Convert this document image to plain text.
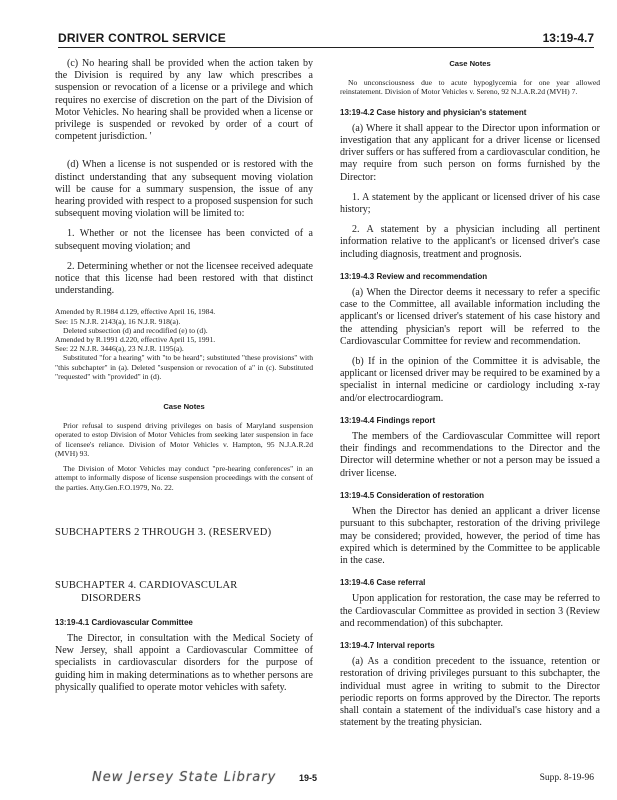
DRIVER CONTROL SERVICE	13:19-4.7

(c) No hearing shall be provided when the action taken by the Division is required by any law which prescribes a suspension or revocation of a license or a privilege and which requires no exercise of discretion on the part of the Division of Motor Vehicles. No hearing shall be provided when a license or privilege is suspended or revoked by order of a court of competent jurisdiction. '

(d) When a license is not suspended or is restored with the distinct understanding that any subsequent moving violation will be cause for a summary suspension, the issue of any hearing provided with respect to a proposed suspension for such subsequent moving violation will be limited to:

1. Whether or not the licensee has been convicted of a subsequent moving violation; and

2. Determining whether or not the licensee received adequate notice that this license had been restored with that distinct understanding.

Amended by R.1984 d.129, effective April 16, 1984.

See: 15 N.J.R. 2143(a), 16 N.J.R. 918(a).

Deleted subsection (d) and recodified (e) to (d).

Amended by R.1991 d.220, effective April 15, 1991.

See: 22 N.J.R. 3446(a), 23 N.J.R. 1195(a).

Substituted "for a hearing" with "to be heard"; substituted "these provisions" with "this subchapter" in (a). Deleted "suspension or revocation of a" in (c). Substituted "requested" with "provided" in (d).

Case Notes

Prior refusal to suspend driving privileges on basis of Maryland suspension operated to estop Division of Motor Vehicles from seeking later suspension in face of licensee's reliance. Division of Motor Vehicles v. Hampton, 95 N.J.A.R.2d (MVH) 93.

The Division of Motor Vehicles may conduct "pre-hearing conferences" in an attempt to informally dispose of license suspension proceedings with the consent of the parties. Atty.Gen.F.O.1979, No. 22.

SUBCHAPTERS 2 THROUGH 3. (RESERVED)
SUBCHAPTER 4. CARDIOVASCULAR
DISORDERS
13:19-4.1 Cardiovascular Committee

The Director, in consultation with the Medical Society of New Jersey, shall appoint a Cardiovascular Committee of specialists in cardiovascular disorders for the purpose of guiding him in making determinations as to whether persons are physically qualified to operate motor vehicles with safety.

Case Notes

No unconsciousness due to acute hypoglycemia for one year allowed reinstatement. Division of Motor Vehicles v. Sereno, 92 N.J.A.R.2d (MVH) 7.

13:19-4.2 Case history and physician's statement

(a) Where it shall appear to the Director upon information or investigation that any applicant for a driver license or licensed driver suffers or has suffered from a cardiovascular condition, he may require from such person on forms furnished by the Director:

1. A statement by the applicant or licensed driver of his case history;

2. A statement by a physician including all pertinent information relative to the applicant's or licensed driver's case including diagnosis, treatment and prognosis.

13:19-4.3 Review and recommendation

(a) When the Director deems it necessary to refer a specific case to the Committee, all available information including the applicant's or licensed driver's statement of his case history and the attending physician's report will be referred to the Cardiovascular Committee for review and recommendation.

(b) If in the opinion of the Committee it is advisable, the applicant or licensed driver may be required to be examined by a specialist in internal medicine or cardiology including x-ray and/or electrocardiogram.

13:19-4.4 Findings report

The members of the Cardiovascular Committee will report their findings and recommendations to the Director and the Director will determine whether or not a person may be issued a driver license.

13:19-4.5 Consideration of restoration

When the Director has denied an applicant a driver license pursuant to this subchapter, restoration of the driving privilege may be considered; provided, however, the period of time has expired which is determined by the Committee to be applicable in the case.

13:19-4.6 Case referral

Upon application for restoration, the case may be referred to the Cardiovascular Committee as provided in section 3 (Review and recommendation) of this subchapter.

13:19-4.7 Interval reports

(a) As a condition precedent to the issuance, retention or restoration of driving privileges pursuant to this subchapter, the individual must agree in writing to submit to the Director periodic reports on forms approved by the Director. The reports shall contain a statement of the individual's case history and a statement by the treating physician.

New Jersey State Library	19-5	Supp. 8-19-96
